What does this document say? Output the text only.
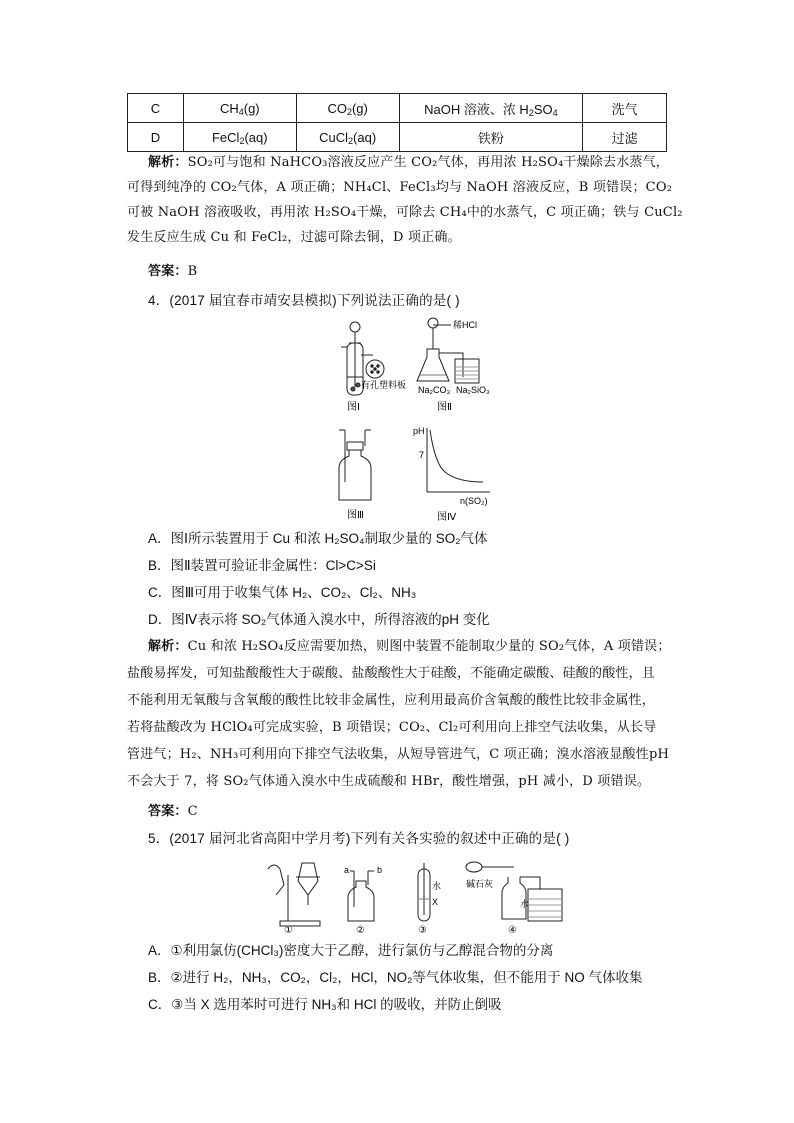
C	$CH_4(g)$	$CO_2(g)$	NaOH 溶液、浓 $H_2SO_4$	洗气
D	FeCl$_2$(aq)	CuCl$_2$(aq)	铁粉	过滤
解析：SO₂可与饱和 NaHCO₃溶液反应产生 CO₂气体，再用浓 H₂SO₄干燥除去水蒸气，
可得到纯净的 CO₂气体，A 项正确；NH₄Cl、FeCl₃均与 NaOH 溶液反应，B 项错误；CO₂
可被 NaOH 溶液吸收，再用浓 H₂SO₄干燥，可除去 CH₄中的水蒸气，C 项正确；铁与 CuCl₂
发生反应生成 Cu 和 FeCl₂，过滤可除去铜，D 项正确。
答案：B
4．(2017 届宜春市靖安县模拟)下列说法正确的是( )
有孔塑料板
图Ⅰ
稀HCl
Na₂CO₃ Na₂SiO₃
图Ⅱ
图Ⅲ
pH
7
n(SO₂)
图Ⅳ
A．图Ⅰ所示装置用于 Cu 和浓 H₂SO₄制取少量的 SO₂气体
B．图Ⅱ装置可验证非金属性：Cl>C>Si
C．图Ⅲ可用于收集气体 H₂、CO₂、Cl₂、NH₃
D．图Ⅳ表示将 SO₂气体通入溴水中，所得溶液的pH 变化
解析：Cu 和浓 H₂SO₄反应需要加热，则图中装置不能制取少量的 SO₂气体，A 项错误；
盐酸易挥发，可知盐酸酸性大于碳酸、盐酸酸性大于硅酸，不能确定碳酸、硅酸的酸性，且
不能利用无氧酸与含氧酸的酸性比较非金属性，应利用最高价含氧酸的酸性比较非金属性，
若将盐酸改为 HClO₄可完成实验，B 项错误；CO₂、Cl₂可利用向上排空气法收集，从长导
管进气；H₂、NH₃可利用向下排空气法收集，从短导管进气，C 项正确；溴水溶液显酸性pH
不会大于 7，将 SO₂气体通入溴水中生成硫酸和 HBr，酸性增强，pH 减小，D 项错误。
答案：C
5．(2017 届河北省高阳中学月考)下列有关各实验的叙述中正确的是( )
a	b
水
X
碱石灰
水
①	②	③	④
A．①利用氯仿(CHCl₃)密度大于乙醇，进行氯仿与乙醇混合物的分离
B．②进行 H₂，NH₃，CO₂，Cl₂，HCl，NO₂等气体收集，但不能用于 NO 气体收集
C．③当 X 选用苯时可进行 NH₃和 HCl 的吸收，并防止倒吸
